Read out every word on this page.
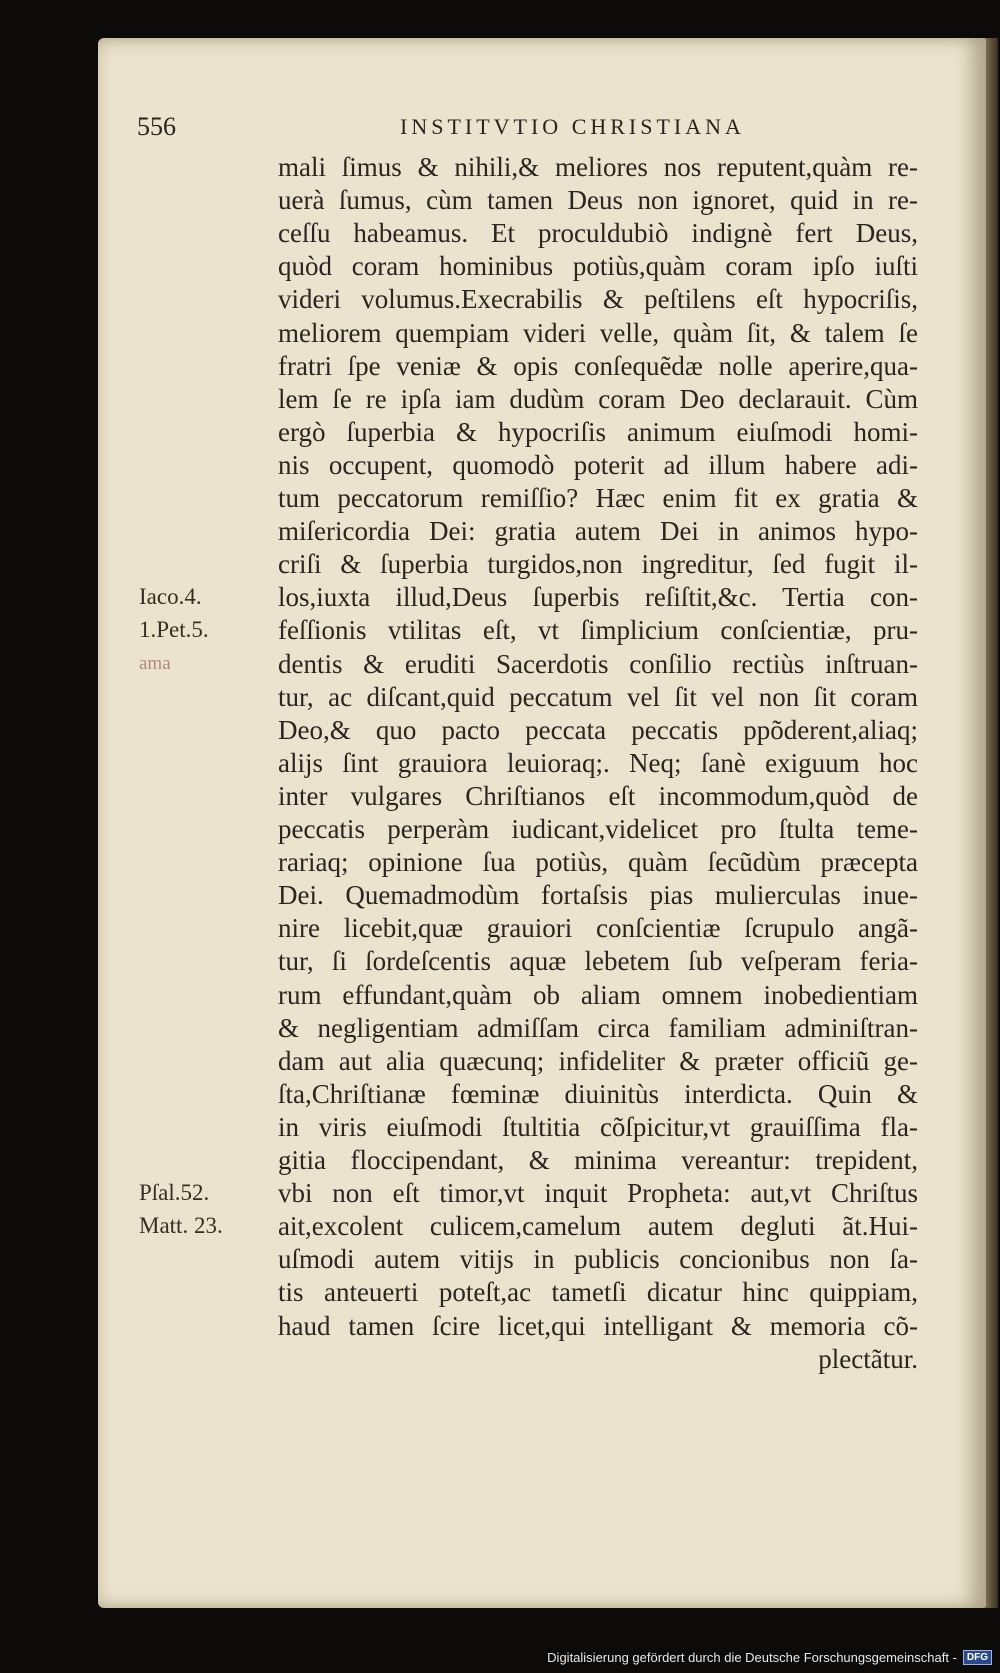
556	INSTITVTIO CHRISTIANA
mali ſimus & nihili,& meliores nos reputent,quàm re-
uerà ſumus, cùm tamen Deus non ignoret, quid in re-
ceſſu habeamus. Et proculdubiò indignè fert Deus,
quòd coram hominibus potiùs,quàm coram ipſo iuſti
videri volumus.Execrabilis & peſtilens eſt hypocriſis,
meliorem quempiam videri velle, quàm ſit, & talem ſe
fratri ſpe veniæ & opis conſequẽdæ nolle aperire,qua-
lem ſe re ipſa iam dudùm coram Deo declarauit. Cùm
ergò ſuperbia & hypocriſis animum eiuſmodi homi-
nis occupent, quomodò poterit ad illum habere adi-
tum peccatorum remiſſio? Hæc enim fit ex gratia &
miſericordia Dei: gratia autem Dei in animos hypo-
criſi & ſuperbia turgidos,non ingreditur, ſed fugit il-
los,iuxta illud,Deus ſuperbis reſiſtit,&c. Tertia con-
feſſionis vtilitas eſt, vt ſimplicium conſcientiæ, pru-
dentis & eruditi Sacerdotis conſilio rectiùs inſtruan-
tur, ac diſcant,quid peccatum vel ſit vel non ſit coram
Deo,& quo pacto peccata peccatis ppõderent,aliaq;
alijs ſint grauiora leuioraq;. Neq; ſanè exiguum hoc
inter vulgares Chriſtianos eſt incommodum,quòd de
peccatis perperàm iudicant,videlicet pro ſtulta teme-
rariaq; opinione ſua potiùs, quàm ſecũdùm præcepta
Dei. Quemadmodùm fortaſsis pias mulierculas inue-
nire licebit,quæ grauiori conſcientiæ ſcrupulo angã-
tur, ſi ſordeſcentis aquæ lebetem ſub veſperam feria-
rum effundant,quàm ob aliam omnem inobedientiam
& negligentiam admiſſam circa familiam adminiſtran-
dam aut alia quæcunq; infideliter & præter officiũ ge-
ſta,Chriſtianæ fœminæ diuinitùs interdicta. Quin &
in viris eiuſmodi ſtultitia cõſpicitur,vt grauiſſima fla-
gitia floccipendant, & minima vereantur: trepident,
vbi non eſt timor,vt inquit Propheta: aut,vt Chriſtus
ait,excolent culicem,camelum autem degluti ãt.Hui-
uſmodi autem vitijs in publicis concionibus non ſa-
tis anteuerti poteſt,ac tametſi dicatur hinc quippiam,
haud tamen ſcire licet,qui intelligant & memoria cõ-
plectãtur.
Iaco.4.
1.Pet.5.
ama
Pſal.52.
Matt. 23.
Digitalisierung gefördert durch die Deutsche Forschungsgemeinschaft -	DFG
